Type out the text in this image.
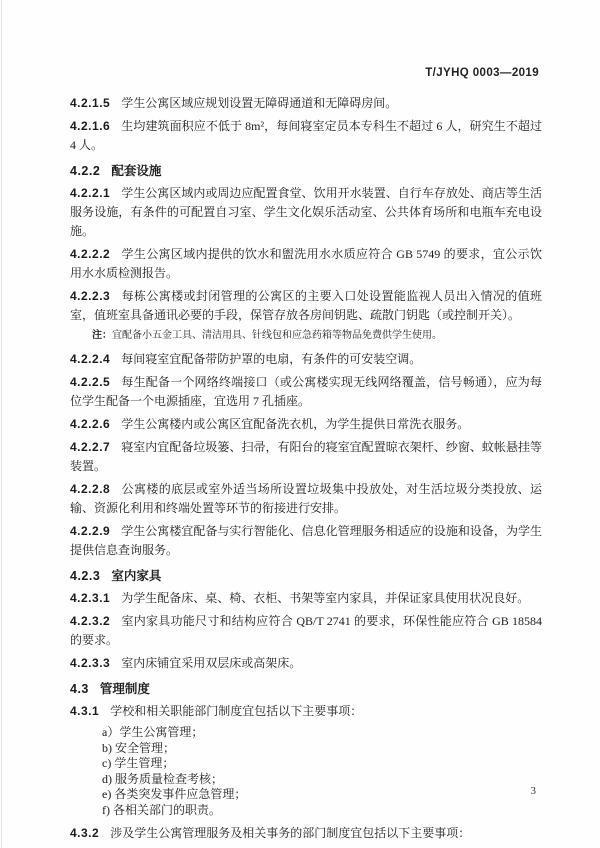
T/JYHQ 0003—2019

4.2.1.5 学生公寓区域应规划设置无障碍通道和无障碍房间。

4.2.1.6 生均建筑面积应不低于 8m²，每间寝室定员本专科生不超过 6 人，研究生不超过 4 人。

4.2.2 配套设施

4.2.2.1 学生公寓区域内或周边应配置食堂、饮用开水装置、自行车存放处、商店等生活服务设施，有条件的可配置自习室、学生文化娱乐活动室、公共体育场所和电瓶车充电设施。

4.2.2.2 学生公寓区域内提供的饮水和盥洗用水水质应符合 GB 5749 的要求，宜公示饮用水水质检测报告。

4.2.2.3 每栋公寓楼或封闭管理的公寓区的主要入口处设置能监视人员出入情况的值班室，值班室具备通讯必要的手段，保管存放各房间钥匙、疏散门钥匙（或控制开关）。

注：宜配备小五金工具、清洁用具、针线包和应急药箱等物品免费供学生使用。

4.2.2.4 每间寝室宜配备带防护罩的电扇，有条件的可安装空调。

4.2.2.5 每生配备一个网络终端接口（或公寓楼实现无线网络覆盖，信号畅通），应为每位学生配备一个电源插座，宜选用 7 孔插座。

4.2.2.6 学生公寓楼内或公寓区宜配备洗衣机，为学生提供日常洗衣服务。

4.2.2.7 寝室内宜配备垃圾篓、扫帚，有阳台的寝室宜配置晾衣架杆、纱窗、蚊帐悬挂等装置。

4.2.2.8 公寓楼的底层或室外适当场所设置垃圾集中投放处，对生活垃圾分类投放、运输、资源化利用和终端处置等环节的衔接进行安排。

4.2.2.9 学生公寓楼宜配备与实行智能化、信息化管理服务相适应的设施和设备，为学生提供信息查询服务。

4.2.3 室内家具

4.2.3.1 为学生配备床、桌、椅、衣柜、书架等室内家具，并保证家具使用状况良好。

4.2.3.2 室内家具功能尺寸和结构应符合 QB/T 2741 的要求，环保性能应符合 GB 18584 的要求。

4.2.3.3 室内床铺宜采用双层床或高架床。

4.3 管理制度

4.3.1 学校和相关职能部门制度宜包括以下主要事项：

a）学生公寓管理；
b) 安全管理；
c) 学生管理；
d) 服务质量检查考核；
e) 各类突发事件应急管理；
f) 各相关部门的职责。

4.3.2 涉及学生公寓管理服务及相关事务的部门制度宜包括以下主要事项：

3
